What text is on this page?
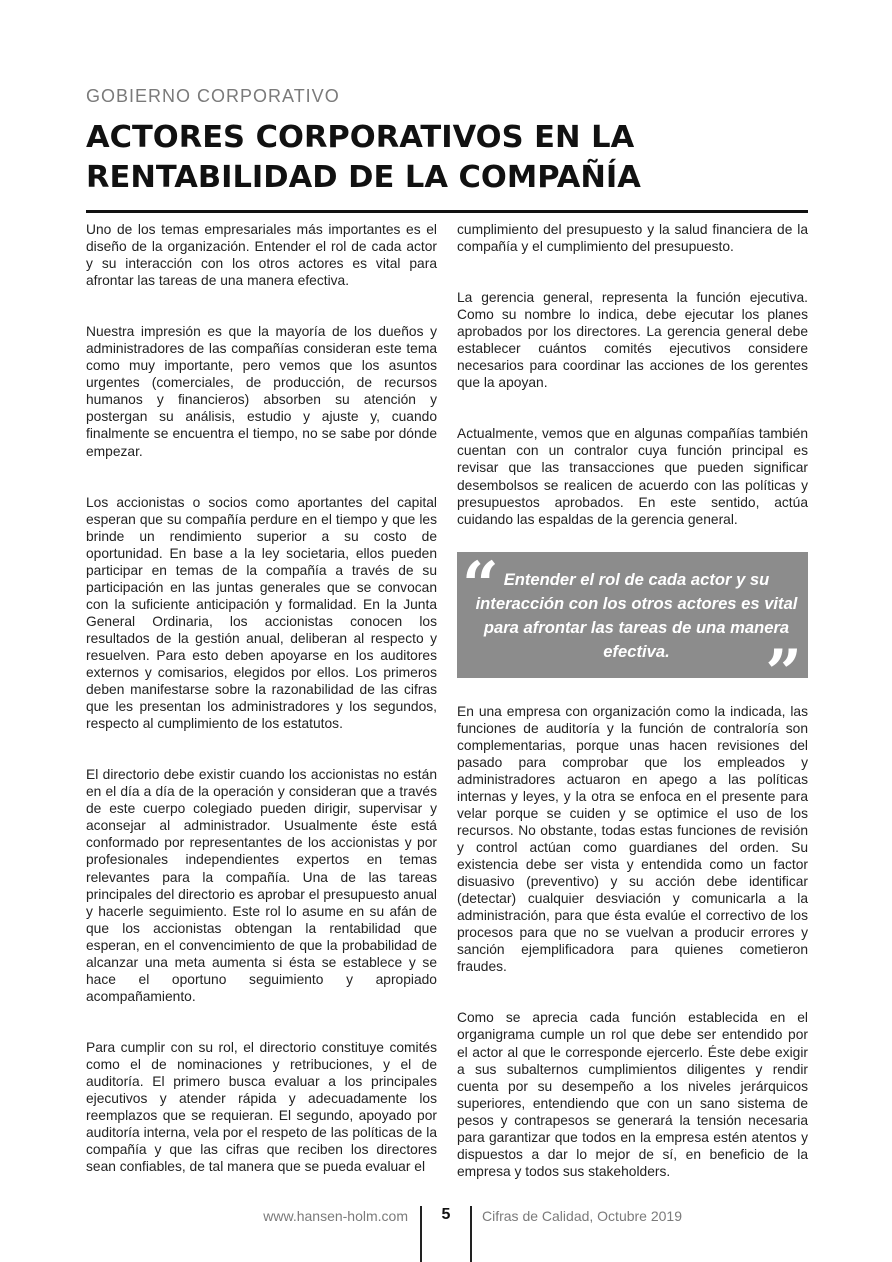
GOBIERNO CORPORATIVO
ACTORES CORPORATIVOS EN LA RENTABILIDAD DE LA COMPAÑÍA

Uno de los temas empresariales más importantes es el diseño de la organización. Entender el rol de cada actor y su interacción con los otros actores es vital para afrontar las tareas de una manera efectiva.

Nuestra impresión es que la mayoría de los dueños y administradores de las compañías consideran este tema como muy importante, pero vemos que los asuntos urgentes (comerciales, de producción, de recursos humanos y financieros) absorben su atención y postergan su análisis, estudio y ajuste y, cuando finalmente se encuentra el tiempo, no se sabe por dónde empezar.

Los accionistas o socios como aportantes del capital esperan que su compañía perdure en el tiempo y que les brinde un rendimiento superior a su costo de oportunidad. En base a la ley societaria, ellos pueden participar en temas de la compañía a través de su participación en las juntas generales que se convocan con la suficiente anticipación y formalidad. En la Junta General Ordinaria, los accionistas conocen los resultados de la gestión anual, deliberan al respecto y resuelven. Para esto deben apoyarse en los auditores externos y comisarios, elegidos por ellos. Los primeros deben manifestarse sobre la razonabilidad de las cifras que les presentan los administradores y los segundos, respecto al cumplimiento de los estatutos.

El directorio debe existir cuando los accionistas no están en el día a día de la operación y consideran que a través de este cuerpo colegiado pueden dirigir, supervisar y aconsejar al administrador. Usualmente éste está conformado por representantes de los accionistas y por profesionales independientes expertos en temas relevantes para la compañía. Una de las tareas principales del directorio es aprobar el presupuesto anual y hacerle seguimiento. Este rol lo asume en su afán de que los accionistas obtengan la rentabilidad que esperan, en el convencimiento de que la probabilidad de alcanzar una meta aumenta si ésta se establece y se hace el oportuno seguimiento y apropiado acompañamiento.

Para cumplir con su rol, el directorio constituye comités como el de nominaciones y retribuciones, y el de auditoría. El primero busca evaluar a los principales ejecutivos y atender rápida y adecuadamente los reemplazos que se requieran. El segundo, apoyado por auditoría interna, vela por el respeto de las políticas de la compañía y que las cifras que reciben los directores sean confiables, de tal manera que se pueda evaluar el

cumplimiento del presupuesto y la salud financiera de la compañía y el cumplimiento del presupuesto.

La gerencia general, representa la función ejecutiva. Como su nombre lo indica, debe ejecutar los planes aprobados por los directores. La gerencia general debe establecer cuántos comités ejecutivos considere necesarios para coordinar las acciones de los gerentes que la apoyan.

Actualmente, vemos que en algunas compañías también cuentan con un contralor cuya función principal es revisar que las transacciones que pueden significar desembolsos se realicen de acuerdo con las políticas y presupuestos aprobados. En este sentido, actúa cuidando las espaldas de la gerencia general.

“ Entender el rol de cada actor y su interacción con los otros actores es vital para afrontar las tareas de una manera efectiva.	”

En una empresa con organización como la indicada, las funciones de auditoría y la función de contraloría son complementarias, porque unas hacen revisiones del pasado para comprobar que los empleados y administradores actuaron en apego a las políticas internas y leyes, y la otra se enfoca en el presente para velar porque se cuiden y se optimice el uso de los recursos. No obstante, todas estas funciones de revisión y control actúan como guardianes del orden. Su existencia debe ser vista y entendida como un factor disuasivo (preventivo) y su acción debe identificar (detectar) cualquier desviación y comunicarla a la administración, para que ésta evalúe el correctivo de los procesos para que no se vuelvan a producir errores y sanción ejemplificadora para quienes cometieron fraudes.

Como se aprecia cada función establecida en el organigrama cumple un rol que debe ser entendido por el actor al que le corresponde ejercerlo. Éste debe exigir a sus subalternos cumplimientos diligentes y rendir cuenta por su desempeño a los niveles jerárquicos superiores, entendiendo que con un sano sistema de pesos y contrapesos se generará la tensión necesaria para garantizar que todos en la empresa estén atentos y dispuestos a dar lo mejor de sí, en beneficio de la empresa y todos sus stakeholders.

www.hansen-holm.com	5	Cifras de Calidad, Octubre 2019
